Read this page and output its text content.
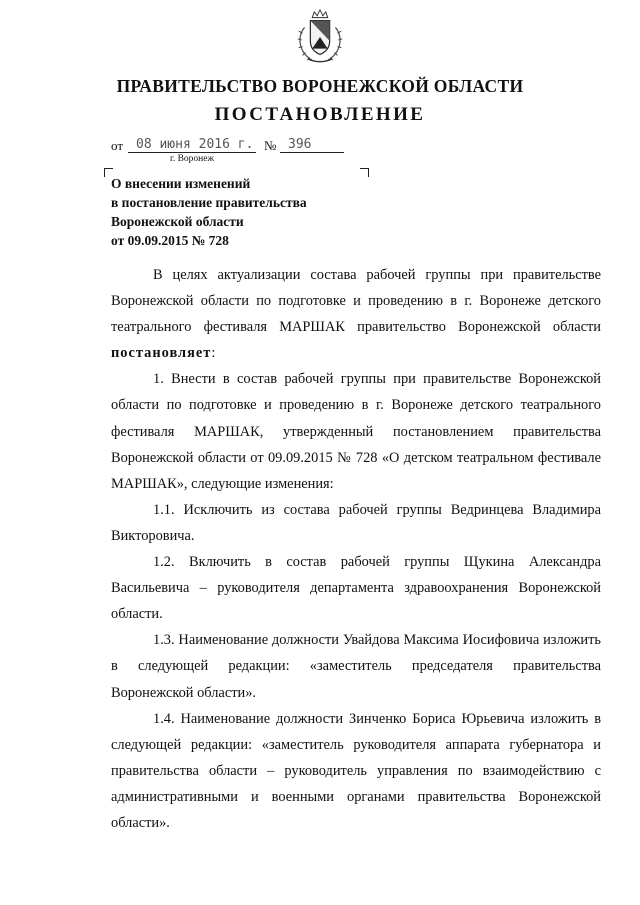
ПРАВИТЕЛЬСТВО ВОРОНЕЖСКОЙ ОБЛАСТИ
ПОСТАНОВЛЕНИЕ
от 08 июня 2016 г. № 396
г. Воронеж
О внесении изменений
в постановление правительства
Воронежской области
от 09.09.2015 № 728

В целях актуализации состава рабочей группы при правительстве Воронежской области по подготовке и проведению в г. Воронеже детского театрального фестиваля МАРШАК правительство Воронежской области постановляет:

1. Внести в состав рабочей группы при правительстве Воронежской области по подготовке и проведению в г. Воронеже детского театрального фестиваля МАРШАК, утвержденный постановлением правительства Воронежской области от 09.09.2015 № 728 «О детском театральном фестивале МАРШАК», следующие изменения:

1.1. Исключить из состава рабочей группы Ведринцева Владимира Викторовича.

1.2. Включить в состав рабочей группы Щукина Александра Васильевича – руководителя департамента здравоохранения Воронежской области.

1.3. Наименование должности Увайдова Максима Иосифовича изложить в следующей редакции: «заместитель председателя правительства Воронежской области».

1.4. Наименование должности Зинченко Бориса Юрьевича изложить в следующей редакции: «заместитель руководителя аппарата губернатора и правительства области – руководитель управления по взаимодействию с административными и военными органами правительства Воронежской области».
